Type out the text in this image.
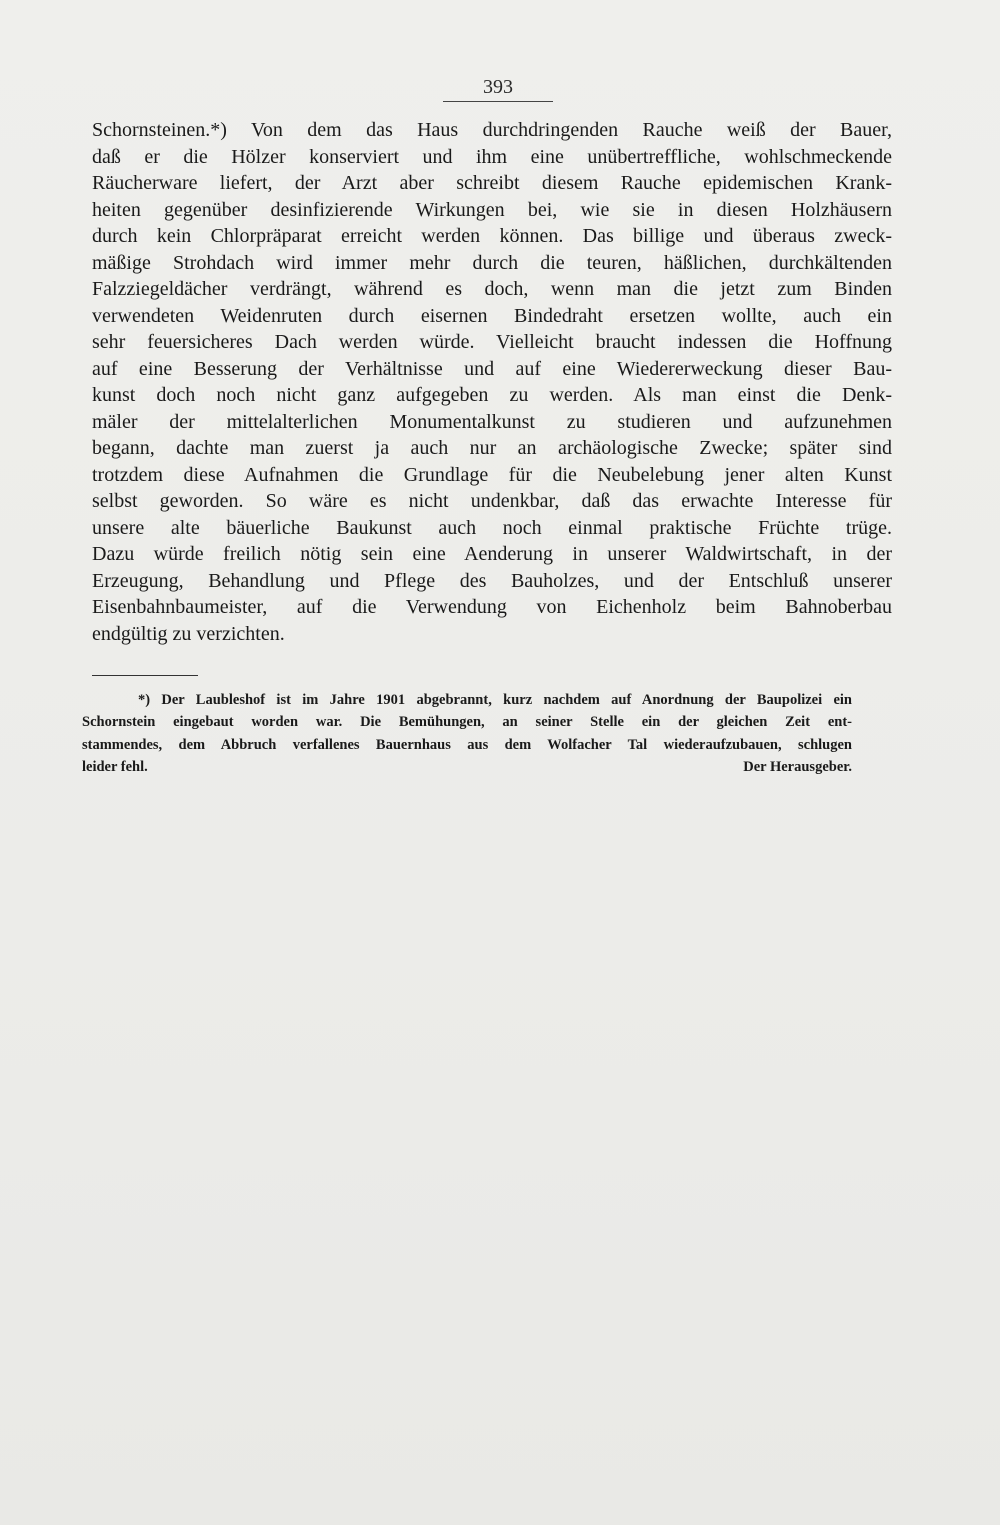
393
Schornsteinen.*) Von dem das Haus durchdringenden Rauche weiß der Bauer,
daß er die Hölzer konserviert und ihm eine unübertreffliche, wohlschmeckende
Räucherware liefert, der Arzt aber schreibt diesem Rauche epidemischen Krank-
heiten gegenüber desinfizierende Wirkungen bei, wie sie in diesen Holzhäusern
durch kein Chlorpräparat erreicht werden können. Das billige und überaus zweck-
mäßige Strohdach wird immer mehr durch die teuren, häßlichen, durchkältenden
Falzziegeldächer verdrängt, während es doch, wenn man die jetzt zum Binden
verwendeten Weidenruten durch eisernen Bindedraht ersetzen wollte, auch ein
sehr feuersicheres Dach werden würde. Vielleicht braucht indessen die Hoffnung
auf eine Besserung der Verhältnisse und auf eine Wiedererweckung dieser Bau-
kunst doch noch nicht ganz aufgegeben zu werden. Als man einst die Denk-
mäler der mittelalterlichen Monumentalkunst zu studieren und aufzunehmen
begann, dachte man zuerst ja auch nur an archäologische Zwecke; später sind
trotzdem diese Aufnahmen die Grundlage für die Neubelebung jener alten Kunst
selbst geworden. So wäre es nicht undenkbar, daß das erwachte Interesse für
unsere alte bäuerliche Baukunst auch noch einmal praktische Früchte trüge.
Dazu würde freilich nötig sein eine Aenderung in unserer Waldwirtschaft, in der
Erzeugung, Behandlung und Pflege des Bauholzes, und der Entschluß unserer
Eisenbahnbaumeister, auf die Verwendung von Eichenholz beim Bahnoberbau
endgültig zu verzichten.
*) Der Laubleshof ist im Jahre 1901 abgebrannt, kurz nachdem auf Anordnung der Baupolizei ein
Schornstein eingebaut worden war. Die Bemühungen, an seiner Stelle ein der gleichen Zeit ent-
stammendes, dem Abbruch verfallenes Bauernhaus aus dem Wolfacher Tal wiederaufzubauen, schlugen
leider fehl.	Der Herausgeber.
